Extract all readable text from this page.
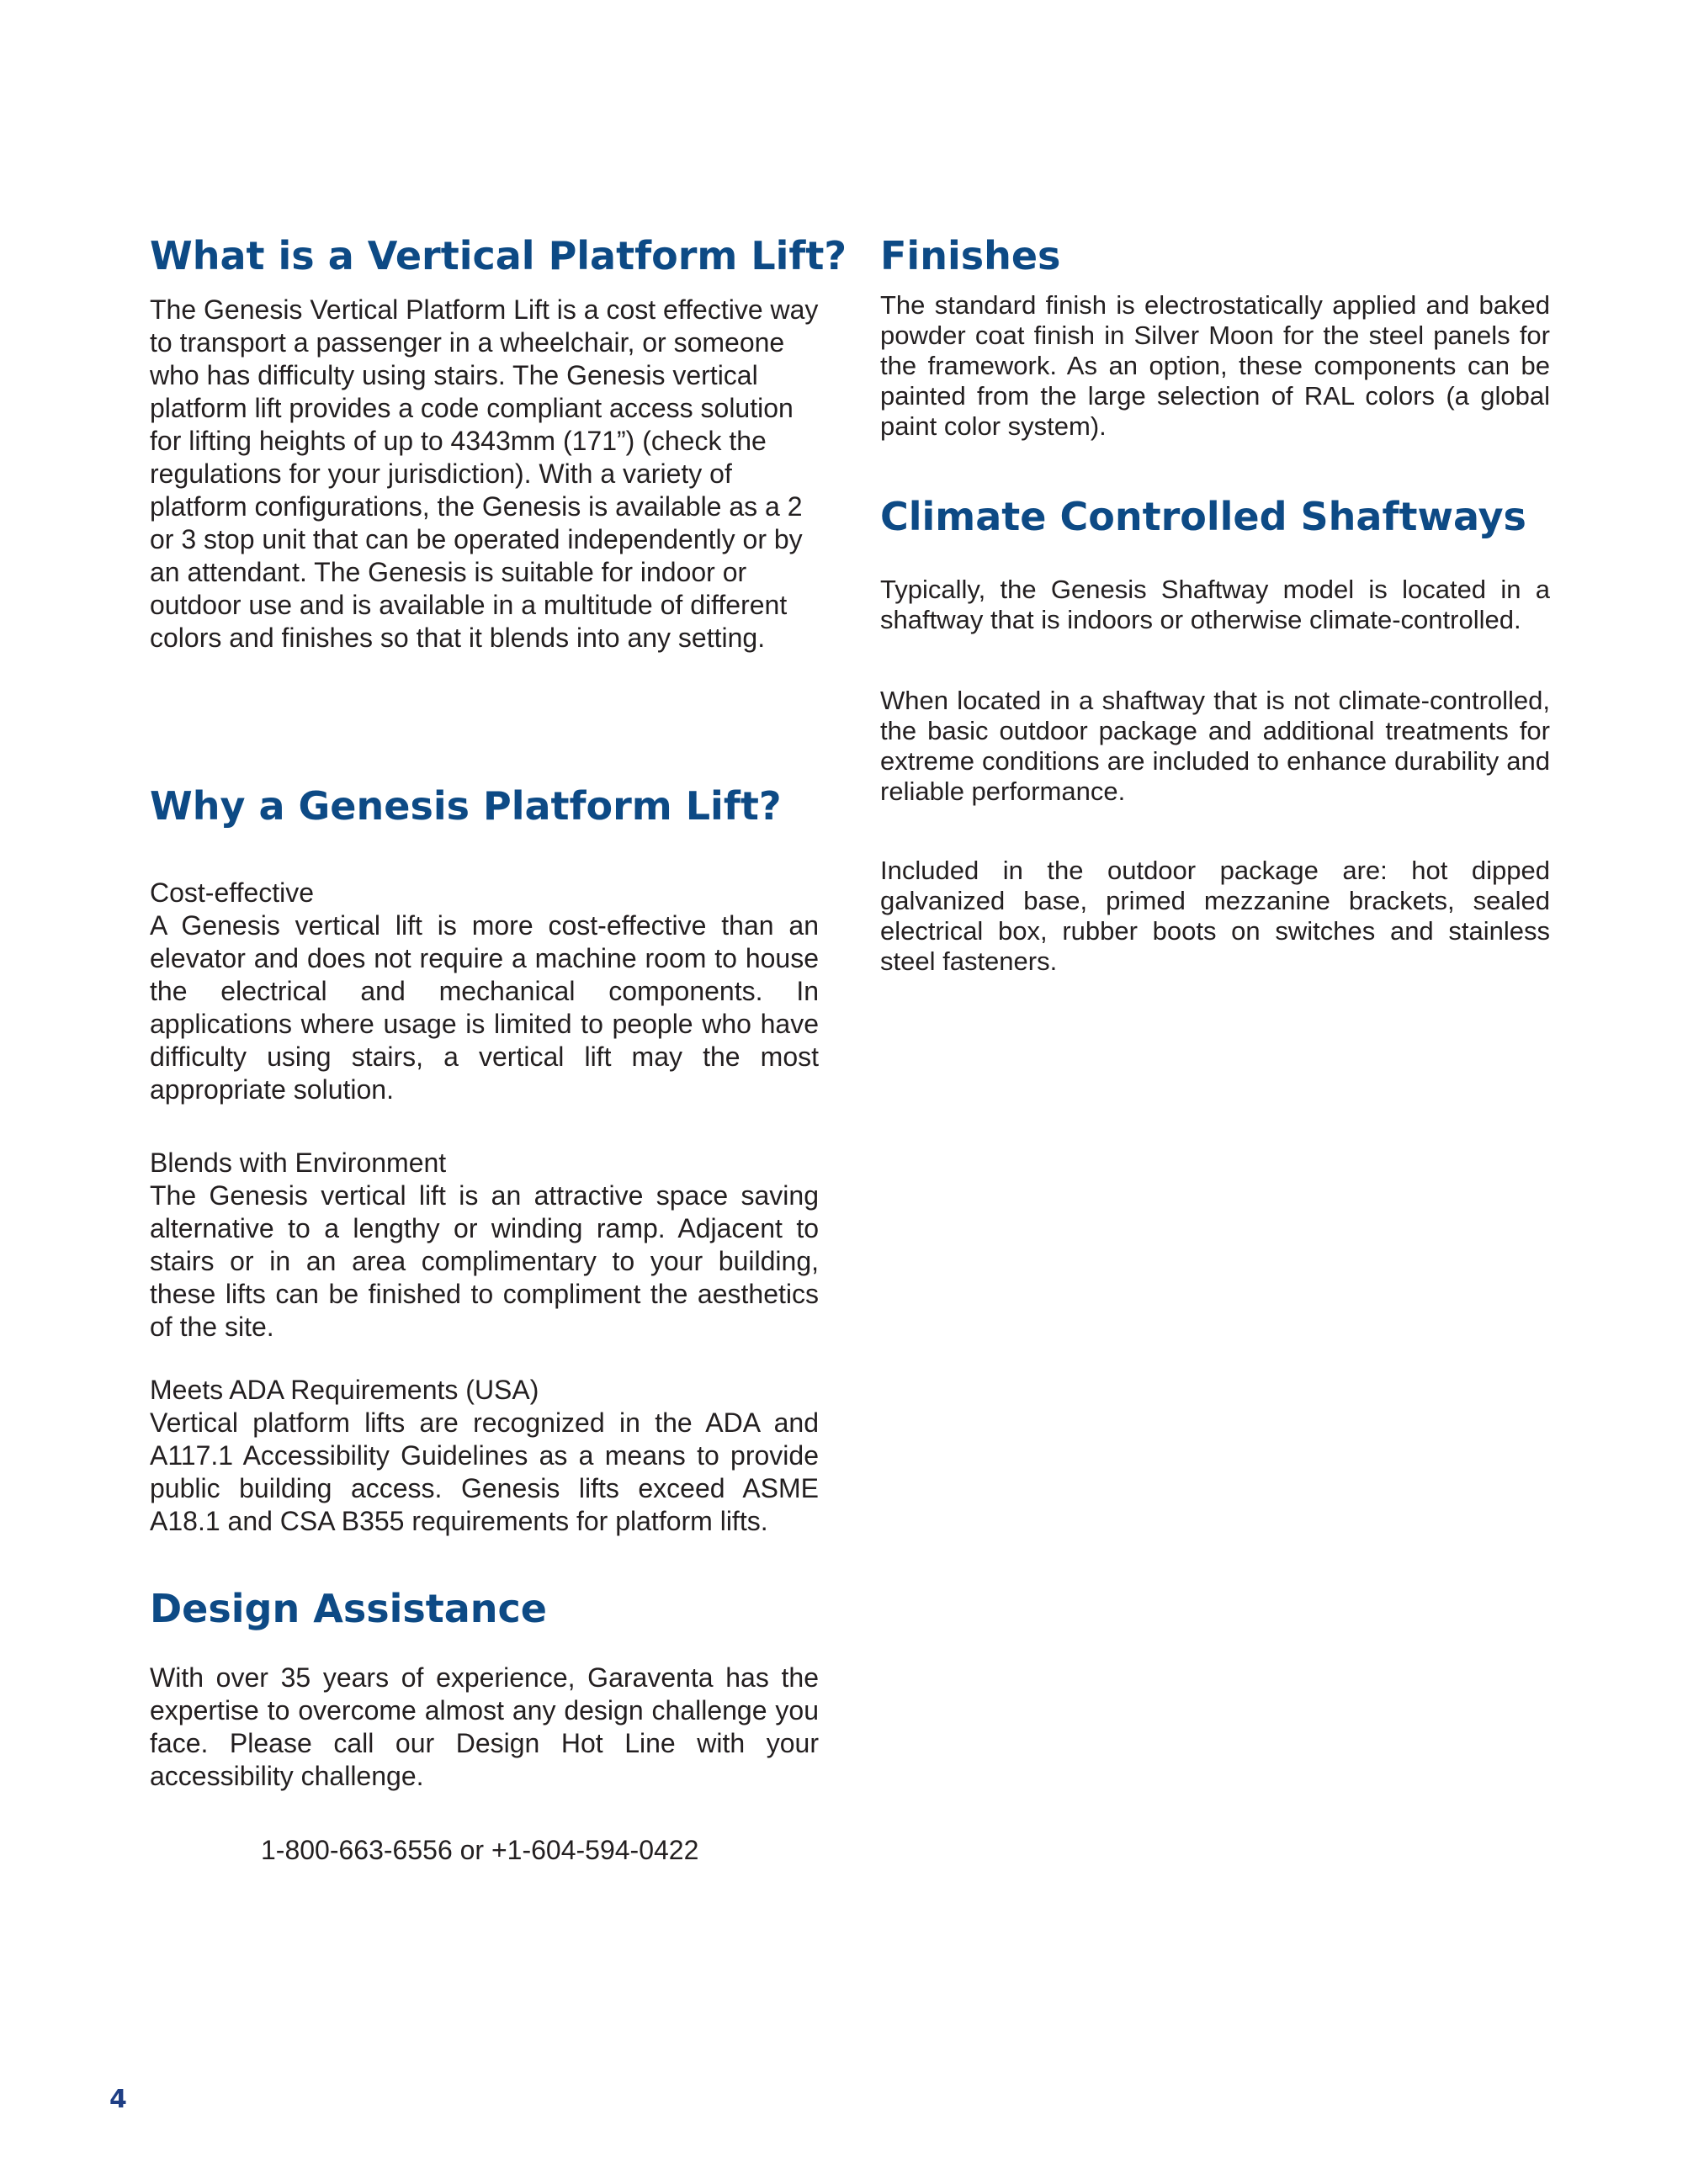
What is a Vertical Platform Lift?

The Genesis Vertical Platform Lift is a cost effective way to transport a passenger in a wheelchair, or someone who has difficulty using stairs. The Genesis vertical platform lift provides a code compliant access solution for lifting heights of up to 4343mm (171”) (check the regulations for your jurisdiction). With a variety of platform configurations, the Genesis is available as a 2 or 3 stop unit that can be operated independently or by an attendant. The Genesis is suitable for indoor or outdoor use and is available in a multitude of different colors and finishes so that it blends into any setting.

Why a Genesis Platform Lift?
Cost-effective

A Genesis vertical lift is more cost-effective than an elevator and does not require a machine room to house the electrical and mechanical components. In applications where usage is limited to people who have difficulty using stairs, a vertical lift may the most appropriate solution.

Blends with Environment

The Genesis vertical lift is an attractive space saving alternative to a lengthy or winding ramp. Adjacent to stairs or in an area complimentary to your building, these lifts can be finished to compliment the aesthetics of the site.

Meets ADA Requirements (USA)

Vertical platform lifts are recognized in the ADA and A117.1 Accessibility Guidelines as a means to provide public building access. Genesis lifts exceed ASME A18.1 and CSA B355 requirements for platform lifts.

Design Assistance

With over 35 years of experience, Garaventa has the expertise to overcome almost any design challenge you face. Please call our Design Hot Line with your accessibility challenge.

1-800-663-6556 or +1-604-594-0422
Finishes

The standard finish is electrostatically applied and baked powder coat finish in Silver Moon for the steel panels for the framework. As an option, these components can be painted from the large selection of RAL colors (a global paint color system).

Climate Controlled Shaftways

Typically, the Genesis Shaftway model is located in a shaftway that is indoors or otherwise climate-controlled.

When located in a shaftway that is not climate-controlled, the basic outdoor package and additional treatments for extreme conditions are included to enhance durability and reliable performance.

Included in the outdoor package are: hot dipped galvanized base, primed mezzanine brackets, sealed electrical box, rubber boots on switches and stainless steel fasteners.

4
